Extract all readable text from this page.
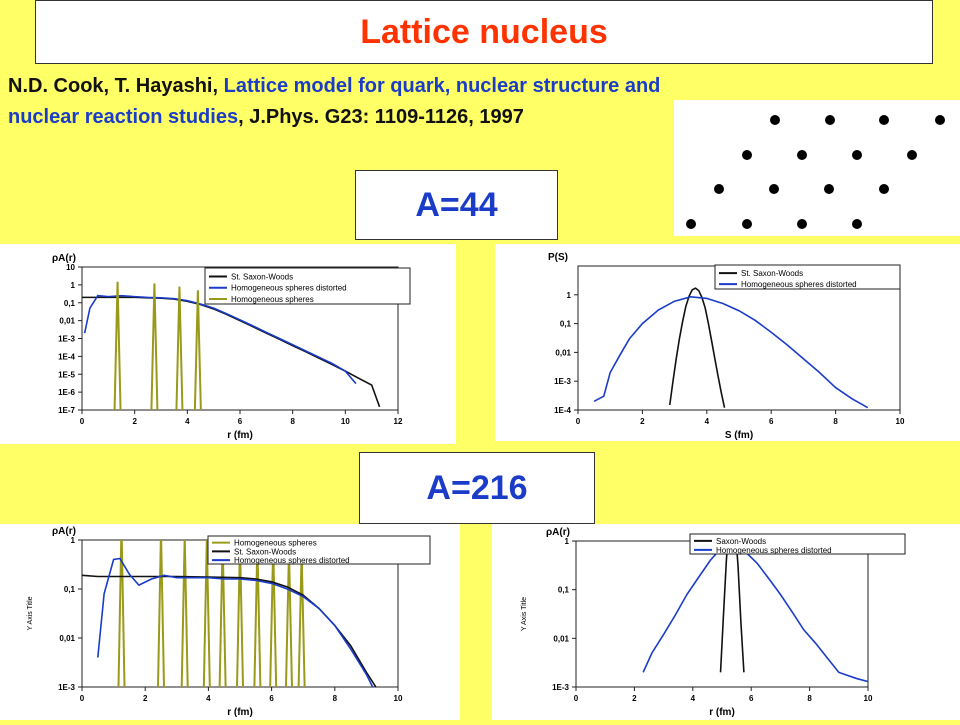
Lattice nucleus
N.D. Cook, T. Hayashi, Lattice model for quark, nuclear structure and nuclear reaction studies, J.Phys. G23: 1109-1126, 1997
A=44
A=216
0	2	4	6	8	10	12
1E-7
1E-6
1E-5
1E-4
1E-3
0,01
0,1
1
10
r (fm)
ρA(r)
St. Saxon-Woods
Homogeneous spheres distorted
Homogeneous spheres
0	2	4	6	8	10
1E-4
1E-3
0,01
0,1
1
S (fm)
P(S)
St. Saxon-Woods
Homogeneous spheres distorted
0	2	4	6	8	10
1E-3
0,01
0,1
1
r (fm)
ρA(r)
Y Axis Title
Homogeneous spheres
St. Saxon-Woods
Homogeneous spheres distorted
0	2	4	6	8	10
1E-3
0,01
0,1
1
r (fm)
ρA(r)
Y Axis Title
Saxon-Woods
Homogeneous spheres distorted
